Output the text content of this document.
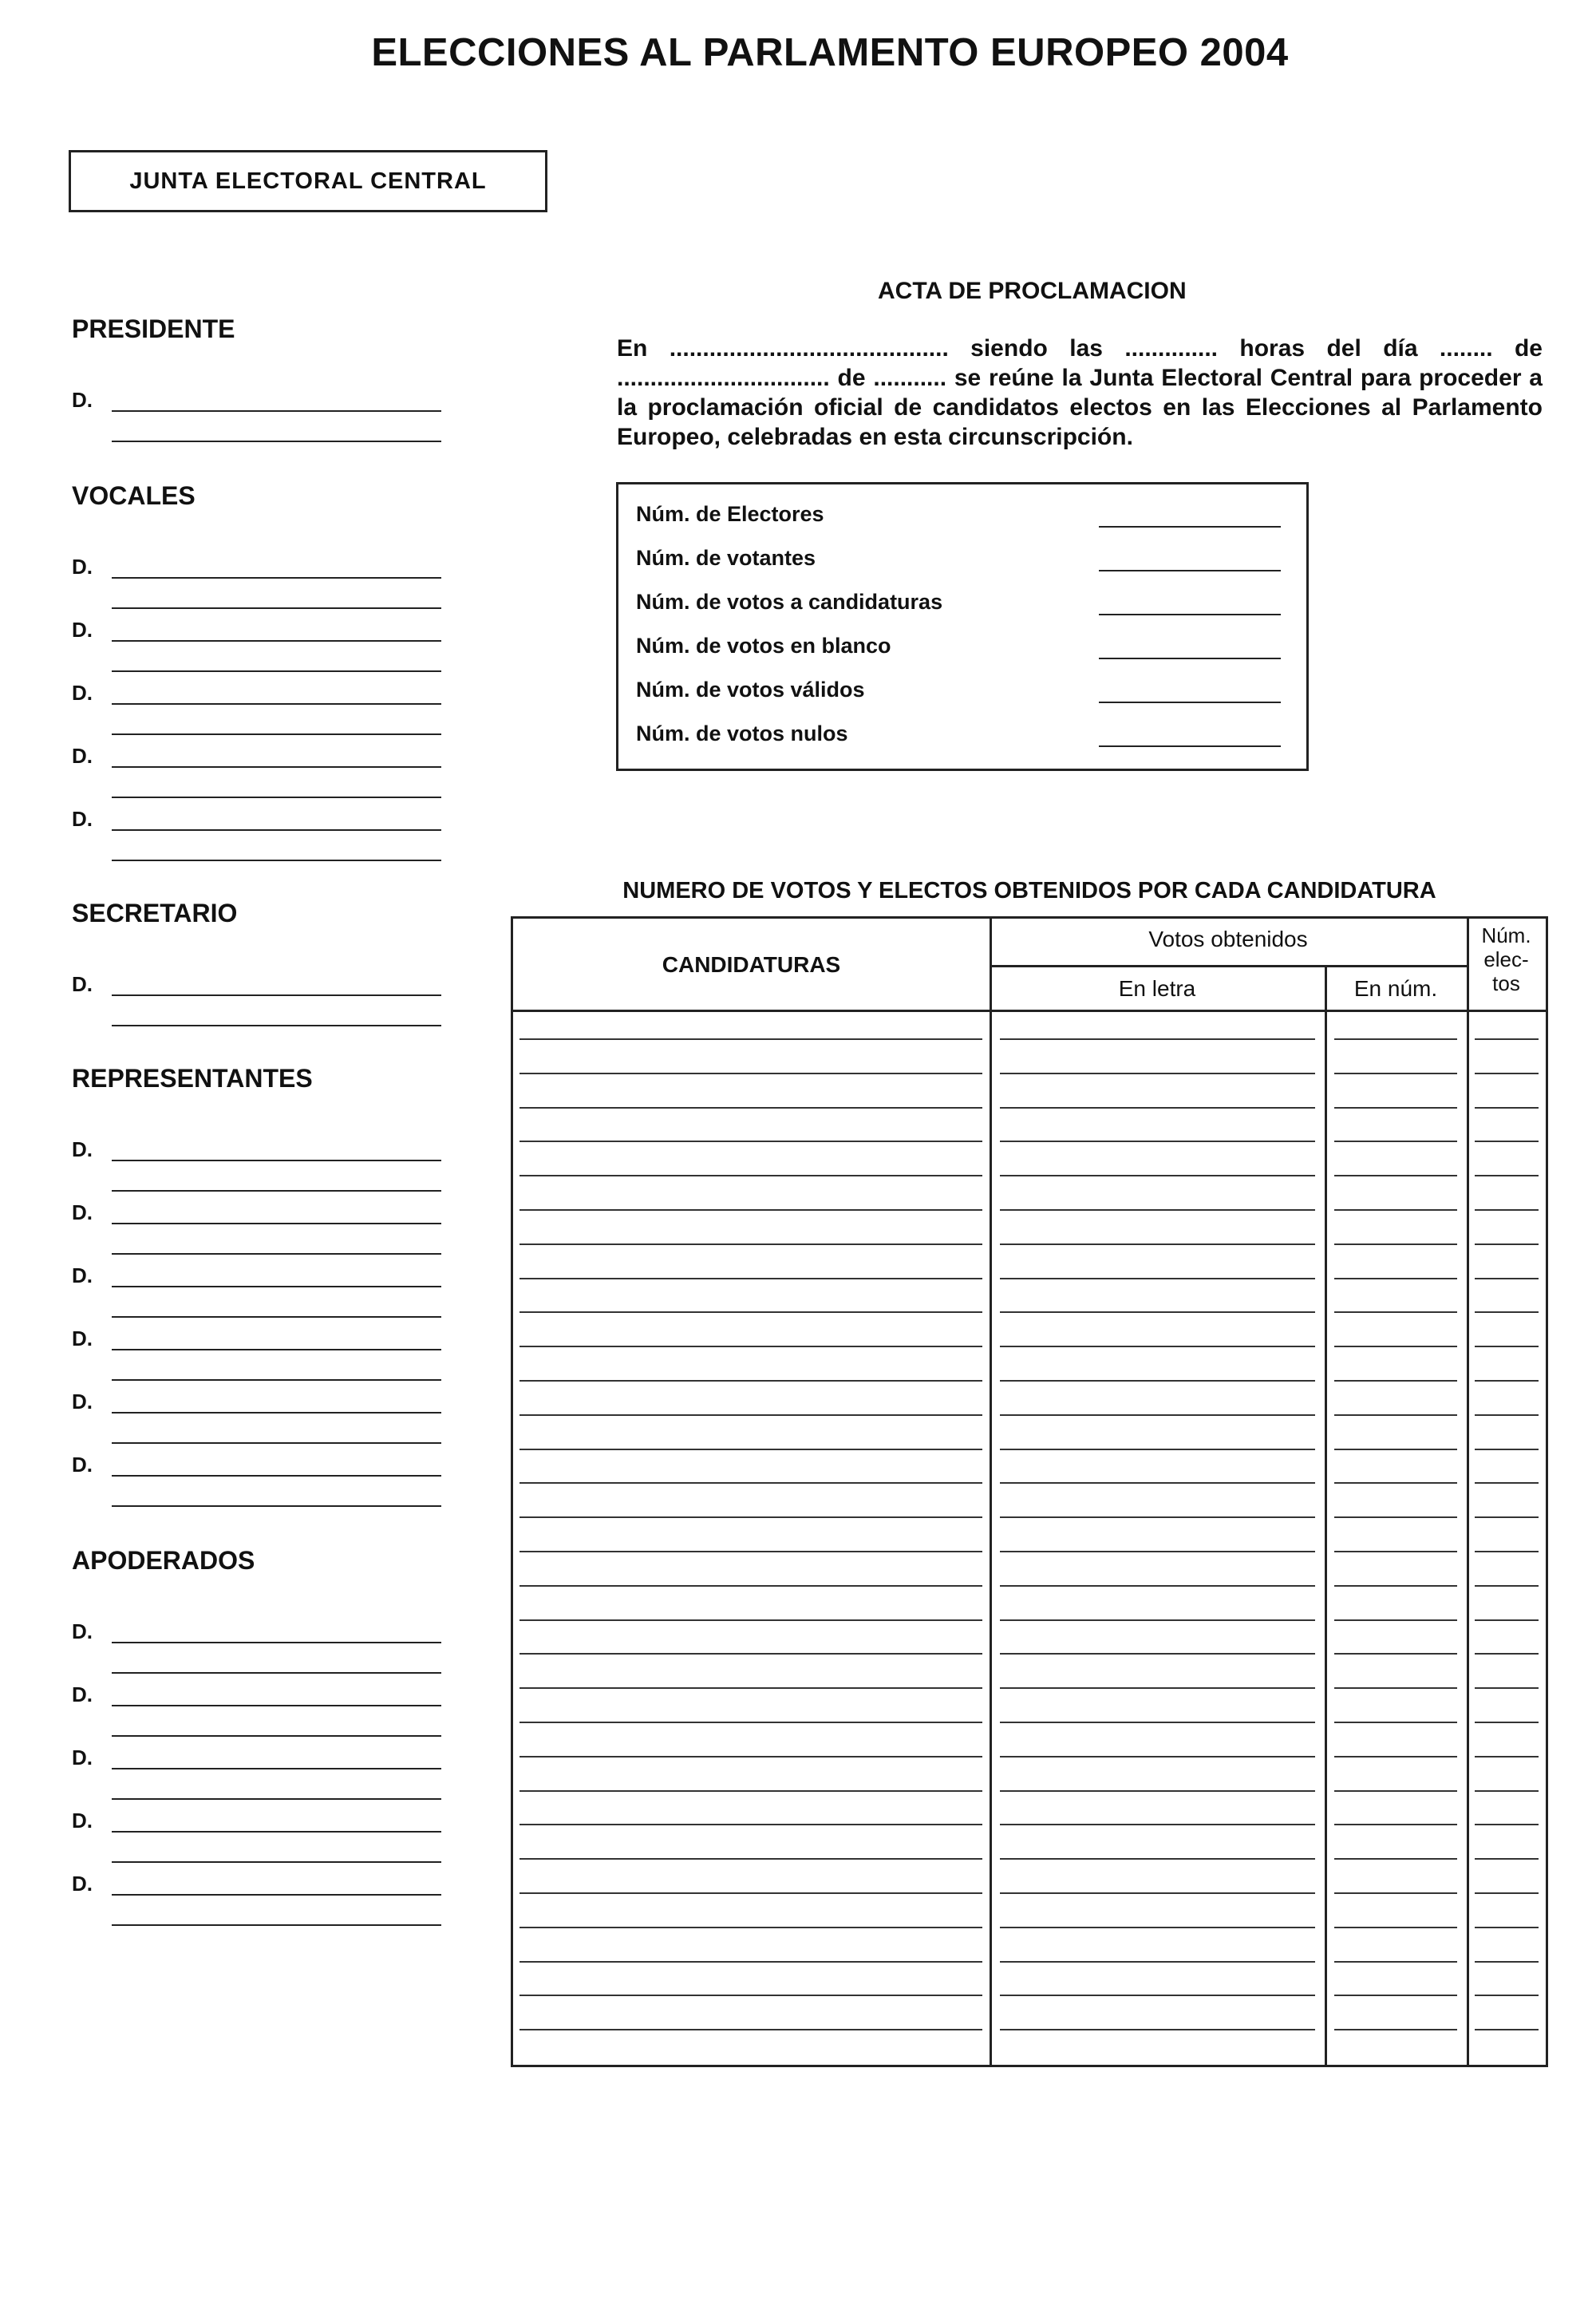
ELECCIONES AL PARLAMENTO EUROPEO 2004
JUNTA ELECTORAL CENTRAL
PRESIDENTE
D.
VOCALES
D.
D.
D.
D.
D.
SECRETARIO
D.
REPRESENTANTES
D.
D.
D.
D.
D.
D.
APODERADOS
D.
D.
D.
D.
D.
ACTA DE PROCLAMACION
En .......................................... siendo las .............. horas del día ........ de ................................ de ........... se reúne la Junta Electoral Central para proceder a la proclamación oficial de candidatos electos en las Elecciones al Parlamento Europeo, celebradas en esta circunscripción.
Núm. de Electores
Núm. de votantes
Núm. de votos a candidaturas
Núm. de votos en blanco
Núm. de votos válidos
Núm. de votos nulos
NUMERO DE VOTOS Y ELECTOS OBTENIDOS POR CADA CANDIDATURA
CANDIDATURAS
Votos obtenidos
En letra	En núm.
Núm.
elec-
tos
